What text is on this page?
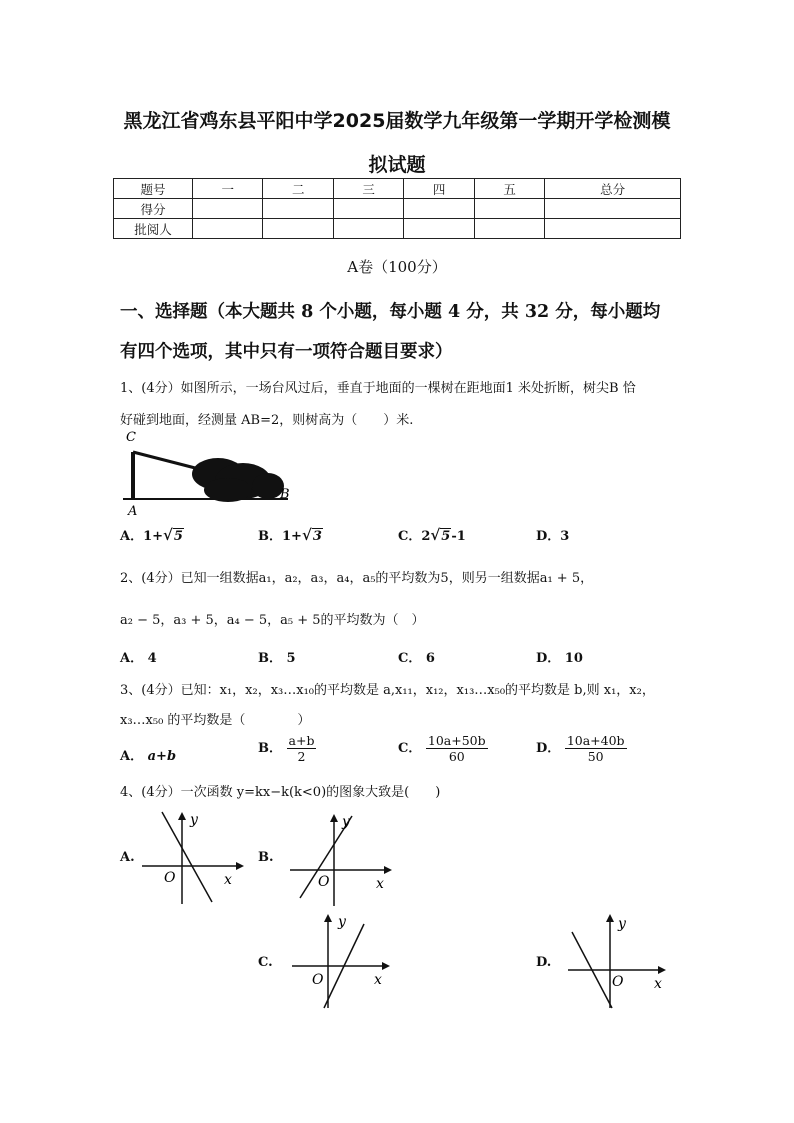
黑龙江省鸡东县平阳中学2025届数学九年级第一学期开学检测模
拟试题
题号	一	二	三	四	五	总分
得分						
批阅人						
A卷（100分）
一、选择题（本大题共 8 个小题，每小题 4 分，共 32 分，每小题均
有四个选项，其中只有一项符合题目要求）
1、(4分）如图所示，一场台风过后，垂直于地面的一棵树在距地面1 米处折断，树尖B 恰
好碰到地面，经测量 AB=2，则树高为（　　）米.
C
A
B
A．1+√5	B．1+√3	C．2√5-1	D．3
2、(4分）已知一组数据a₁，a₂，a₃，a₄，a₅的平均数为5，则另一组数据a₁ + 5，
a₂ − 5，a₃ + 5，a₄ − 5，a₅ + 5的平均数为（　）
A． 4	B． 5	C． 6	D． 10
3、(4分）已知：x₁，x₂，x₃…x₁₀的平均数是 a,x₁₁，x₁₂，x₁₃…x₅₀的平均数是 b,则 x₁，x₂，
x₃…x₅₀ 的平均数是（　　　　）
A． a+b
B． $\frac{a+b}{2}$	C． $\frac{10a+50b}{60}$	D． $\frac{10a+40b}{50}$
4、(4分）一次函数 y=kx−k(k<0)的图象大致是(　　)
A.
y
x
O
B.
y
x
O
C.
y
x
O
D.
y
x
O
